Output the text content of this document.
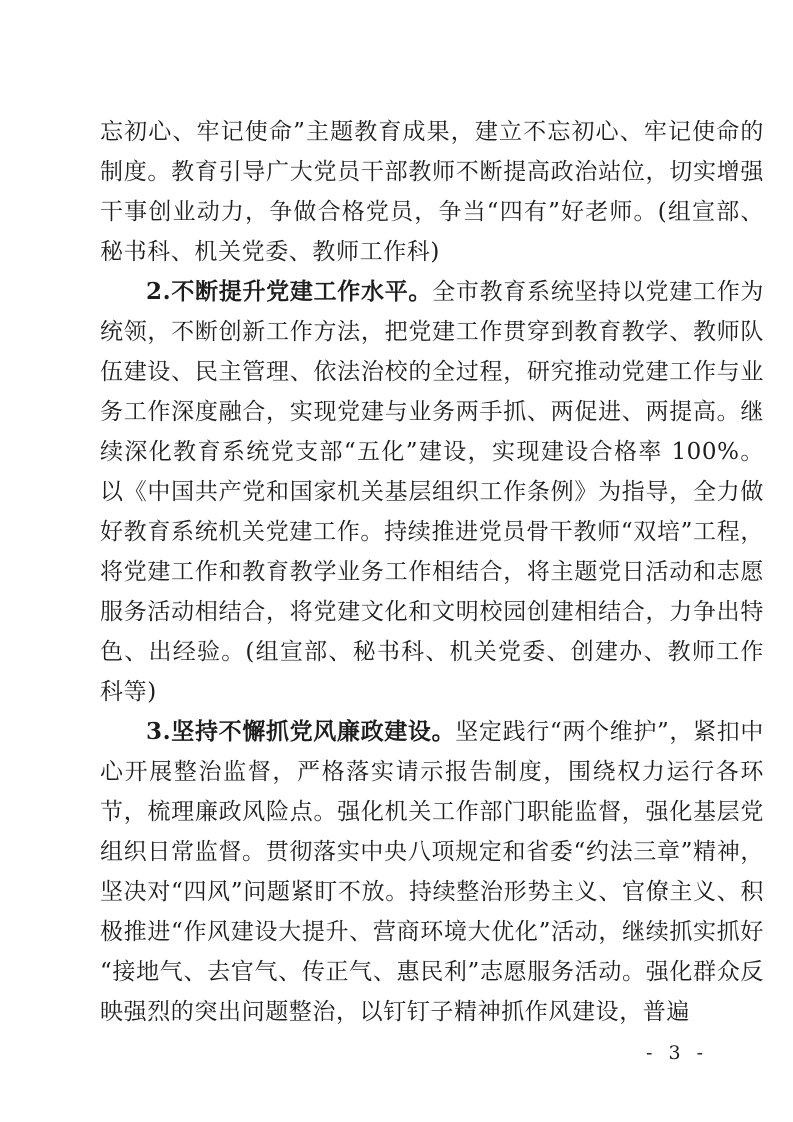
忘初心、牢记使命”主题教育成果，建立不忘初心、牢记使命的制度。教育引导广大党员干部教师不断提高政治站位，切实增强干事创业动力，争做合格党员，争当“四有”好老师。(组宣部、秘书科、机关党委、教师工作科)

2.不断提升党建工作水平。全市教育系统坚持以党建工作为统领，不断创新工作方法，把党建工作贯穿到教育教学、教师队伍建设、民主管理、依法治校的全过程，研究推动党建工作与业务工作深度融合，实现党建与业务两手抓、两促进、两提高。继续深化教育系统党支部“五化”建设，实现建设合格率 100%。以《中国共产党和国家机关基层组织工作条例》为指导，全力做好教育系统机关党建工作。持续推进党员骨干教师“双培”工程，将党建工作和教育教学业务工作相结合，将主题党日活动和志愿服务活动相结合，将党建文化和文明校园创建相结合，力争出特色、出经验。(组宣部、秘书科、机关党委、创建办、教师工作科等)

3.坚持不懈抓党风廉政建设。坚定践行“两个维护”，紧扣中心开展整治监督，严格落实请示报告制度，围绕权力运行各环节，梳理廉政风险点。强化机关工作部门职能监督，强化基层党组织日常监督。贯彻落实中央八项规定和省委“约法三章”精神，坚决对“四风”问题紧盯不放。持续整治形势主义、官僚主义、积极推进“作风建设大提升、营商环境大优化”活动，继续抓实抓好“接地气、去官气、传正气、惠民利”志愿服务活动。强化群众反映强烈的突出问题整治，以钉钉子精神抓作风建设，普遍

- 3 -
